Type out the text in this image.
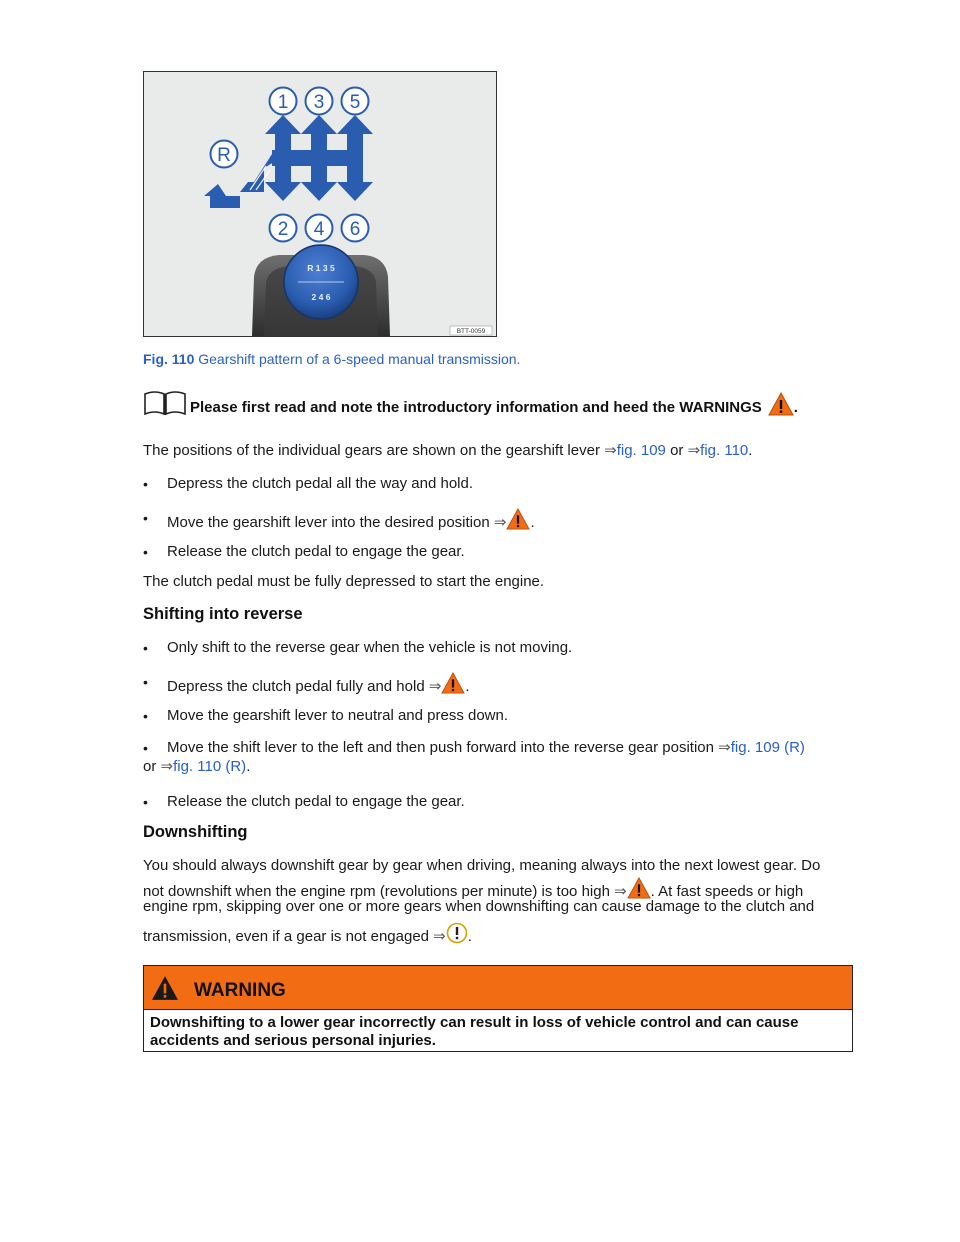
R 1 3 5
2 4 6
1 3 5
2 4 6
R
BTT-0059
Fig. 110 Gearshift pattern of a 6-speed manual transmission.
Please first read and note the introductory information and heed the WARNINGS .
The positions of the individual gears are shown on the gearshift lever ⇒fig. 109 or ⇒fig. 110.
• Depress the clutch pedal all the way and hold.
• Move the gearshift lever into the desired position ⇒ .
• Release the clutch pedal to engage the gear.
The clutch pedal must be fully depressed to start the engine.
Shifting into reverse
• Only shift to the reverse gear when the vehicle is not moving.
• Depress the clutch pedal fully and hold ⇒ .
• Move the gearshift lever to neutral and press down.
• Move the shift lever to the left and then push forward into the reverse gear position ⇒fig. 109 (R)
or ⇒fig. 110 (R).
• Release the clutch pedal to engage the gear.
Downshifting
You should always downshift gear by gear when driving, meaning always into the next lowest gear. Do
not downshift when the engine rpm (revolutions per minute) is too high ⇒ . At fast speeds or high
engine rpm, skipping over one or more gears when downshifting can cause damage to the clutch and
transmission, even if a gear is not engaged ⇒ .
WARNING
Downshifting to a lower gear incorrectly can result in loss of vehicle control and can cause accidents and serious personal injuries.
